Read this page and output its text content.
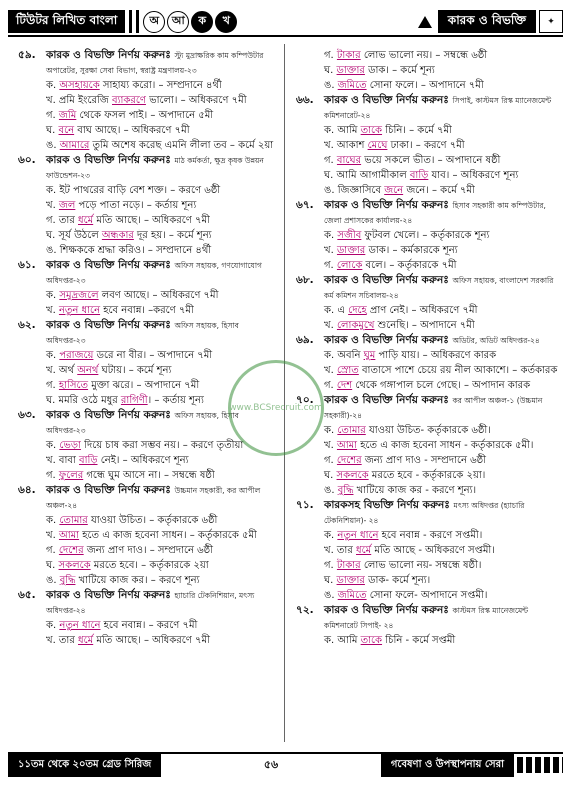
টিউটর লিখিত বাংলা	অ	আ	ক	খ	কারক ও বিভক্তি	✦
৫৯. কারক ও বিভক্তি নির্ণয় করুনঃ স্ট্যু মুদ্রাক্ষরিক কাম কম্পিউটার অপারেটর, সুরক্ষা সেবা বিভাগ, স্বরাষ্ট্র মন্ত্রণালয়-২৩
ক. অসহায়কে সাহায্য করো। – সম্প্রদানে ৪র্থী
খ. প্রমি ইংরেজি ব্যাকরণে ভালো। – অধিকরণে ৭মী
গ. জমি থেকে ফসল পাই। – অপাদানে ৫মী
ঘ. বনে বাঘ আছে। – অধিকরণে ৭মী
ঙ. আমারে তুমি অশেষ করেছ এমনি লীলা তব – কর্মে ২য়া
৬০. কারক ও বিভক্তি নির্ণয় করুনঃ মাঠ কর্মকর্তা, ক্ষুদ্র কৃষক উন্নয়ন ফাউন্ডেশন-২৩
ক. ইট পাথরের বাড়ি বেশ শক্ত। – করণে ৬ষ্ঠী
খ. জল পড়ে পাতা নড়ে। – কর্তায় শূন্য
গ. তার ধর্মে মতি আছে। – অধিকরণে ৭মী
ঘ. সূর্য উঠলে অন্ধকার দূর হয়। – কর্মে শূন্য
ঙ. শিক্ষককে শ্রদ্ধা করিও। – সম্প্রদানে ৪র্থী
৬১. কারক ও বিভক্তি নির্ণয় করুনঃ অফিস সহায়ক, গণযোগাযোগ অধিদপ্তর-২৩
ক. সমুদ্রজলে লবণ আছে। – অধিকরণে ৭মী
খ. নতুন ধানে হবে নবান্ন। –করণে ৭মী
৬২. কারক ও বিভক্তি নির্ণয় করুনঃ অফিস সহায়ক, হিসাব অধিদপ্তর-২৩
ক. পরাজয়ে ডরে না বীর। – অপাদানে ৭মী
খ. অর্থ অনর্থ ঘটায়। – কর্মে শূন্য
গ. হাসিতে মুক্তা ঝরে। – অপাদানে ৭মী
ঘ. মমরি ওঠে মধুর রাগিণী। – কর্তায় শূন্য
৬৩. কারক ও বিভক্তি নির্ণয় করুনঃ অফিস সহায়ক, হিসাব অধিদপ্তর-২৩
ক. ভেড়া দিয়ে চাষ করা সম্ভব নয়। – করণে তৃতীয়া
খ. বাবা বাড়ি নেই। – অধিকরণে শূন্য
গ. ফুলের গন্ধে ঘুম আসে না। – সম্বন্ধে ষষ্ঠী
৬৪. কারক ও বিভক্তি নির্ণয় করুনঃ উচ্চমান সহকারী, কর আপীল অঞ্চল-২৪
ক. তোমার যাওয়া উচিত। – কর্তৃকারকে ৬ষ্ঠী
খ. আমা হতে এ কাজ হবেনা সাধন। – কর্তৃকারকে ৫মী
গ. দেশের জন্য প্রাণ দাও। – সম্প্রদানে ৬ষ্ঠী
ঘ. সকলকে মরতে হবে। – কর্তৃকারকে ২য়া
ঙ. বুদ্ধি খাটিয়ে কাজ কর। – করণে শূন্য
৬৫. কারক ও বিভক্তি নির্ণয় করুনঃ হ্যাচারি টেকনিশিয়ান, মৎস্য অধিদপ্তর-২৪
ক. নতুন ধানে হবে নবান্ন। – করণে ৭মী
খ. তার ধর্মে মতি আছে। – অধিকরণে ৭মী
গ. টাকার লোভ ভালো নয়। – সম্বন্ধে ৬ষ্ঠী
ঘ. ডাক্তার ডাক। – কর্মে শূন্য
ঙ. জমিতে সোনা ফলে। – অপাদানে ৭মী
৬৬. কারক ও বিভক্তি নির্ণয় করুনঃ সিপাই, কাস্টমস রিস্ক ম্যানেজমেন্ট কমিশনারেট-২৪
ক. আমি তাকে চিনি। – কর্মে ৭মী
খ. আকাশ মেঘে ঢাকা। – করণে ৭মী
গ. বাঘের ভয়ে সকলে ভীত। – অপাদানে ষষ্ঠী
ঘ. আমি আগামীকাল বাড়ি যাব। – অধিকরণে শূন্য
ঙ. জিজ্ঞাসিবে জনে জনে। – কর্মে ৭মী
৬৭. কারক ও বিভক্তি নির্ণয় করুনঃ হিসাব সহকারী কাম কম্পিউটার, জেলা প্রশাসকের কার্যালয়-২৪
ক. সজীব ফুটবল খেলে। – কর্তৃকারকে শূন্য
খ. ডাক্তার ডাক। – কর্মকারকে শূন্য
গ. লোকে বলে। – কর্তৃকারকে ৭মী
৬৮. কারক ও বিভক্তি নির্ণয় করুনঃ অফিস সহায়ক, বাংলাদেশ সরকারি কর্ম কমিশন সচিবালয়-২৪
ক. এ দেহে প্রাণ নেই। – অধিকরণে ৭মী
খ. লোকমুখে শুনেছি। – অপাদানে ৭মী
৬৯. কারক ও বিভক্তি নির্ণয় করুনঃ অডিটর, অডিট অধিদপ্তর-২৪
ক. অবনি ঘুম পাড়ি যায়। – অধিকরণে কারক
খ. স্রোত বাতাসে পাশে চেয়ে রয় নীল আকাশে। – কর্তকারক
গ. দেশ থেকে গঙ্গাপাল চলে গেছে। – অপাদান কারক
৭০. কারক ও বিভক্তি নির্ণয় করুনঃ কর আপীল অঞ্চল-১ (উচ্চমান সহকারী)-২৪
ক. তোমার যাওয়া উচিত- কর্তৃকারকে ৬ষ্ঠী।
খ. আমা হতে এ কাজ হবেনা সাধন - কর্তৃকারকে ৫মী।
গ. দেশের জন্য প্রাণ দাও - সম্প্রদানে ৬ষ্ঠী
ঘ. সকলকে মরতে হবে - কর্তৃকারকে ২য়া।
ঙ. বুদ্ধি খাটিয়ে কাজ কর - করণে শূন্য।
৭১. কারকসহ বিভক্তি নির্ণয় করুনঃ মৎস্য অধিদপ্তর (হ্যাচারি টেকনিশিয়ান)- ২৪
ক. নতুন ধানে হবে নবান্ন - করণে সপ্তমী।
খ. তার ধর্মে মতি আছে - অধিকরণে সপ্তমী।
গ. টাকার লোভ ভালো নয়- সম্বন্ধে ষষ্ঠী।
ঘ. ডাক্তার ডাক- কর্মে শূন্য।
ঙ. জমিতে সোনা ফলে- অপাদানে সপ্তমী।
৭২. কারক ও বিভক্তি নির্ণয় করুনঃ কাস্টমস রিস্ক ম্যানেজমেন্ট কমিশনারেট সিপাই- ২৪
ক. আমি তাকে চিনি - কর্মে সপ্তমী
www.BCSrecruit.com
১১তম থেকে ২০তম গ্রেড সিরিজ	৫৬	গবেষণা ও উপস্থাপনায় সেরা
